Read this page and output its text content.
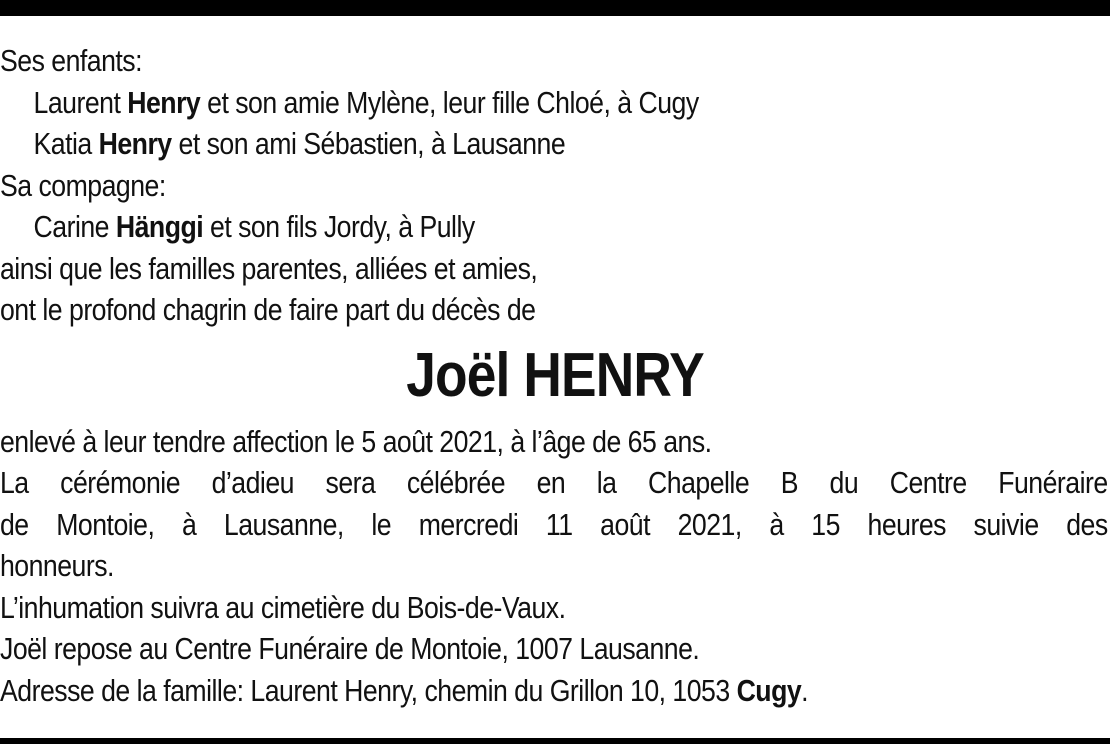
Ses enfants:
Laurent Henry et son amie Mylène, leur fille Chloé, à Cugy
Katia Henry et son ami Sébastien, à Lausanne
Sa compagne:
Carine Hänggi et son fils Jordy, à Pully
ainsi que les familles parentes, alliées et amies,
ont le profond chagrin de faire part du décès de
Joël HENRY
enlevé à leur tendre affection le 5 août 2021, à l’âge de 65 ans.
La cérémonie d’adieu sera célébrée en la Chapelle B du Centre Funéraire
de Montoie, à Lausanne, le mercredi 11 août 2021, à 15 heures suivie des
honneurs.
L’inhumation suivra au cimetière du Bois-de-Vaux.
Joël repose au Centre Funéraire de Montoie, 1007 Lausanne.
Adresse de la famille: Laurent Henry, chemin du Grillon 10, 1053 Cugy.
